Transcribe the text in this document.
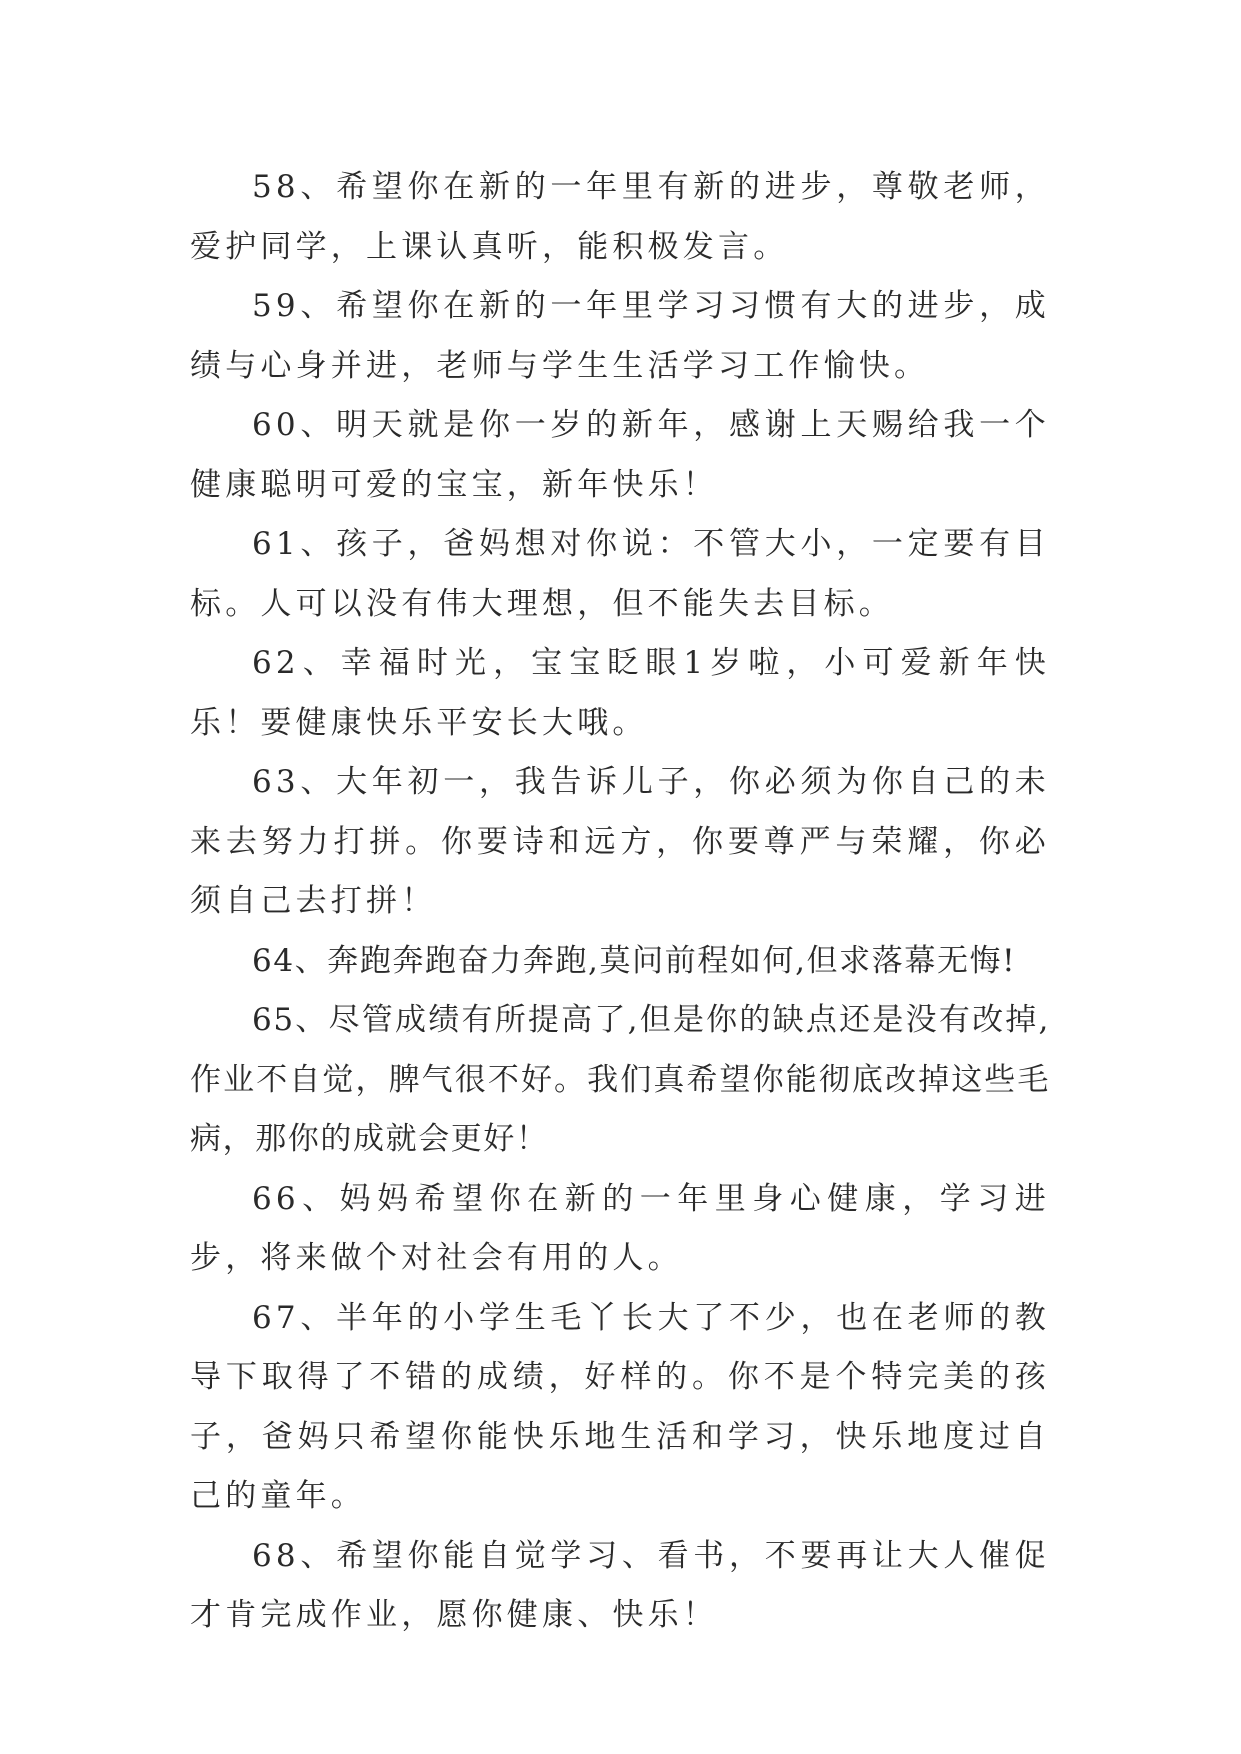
58、希望你在新的一年里有新的进步，尊敬老师，爱护同学，上课认真听，能积极发言。

59、希望你在新的一年里学习习惯有大的进步，成绩与心身并进，老师与学生生活学习工作愉快。

60、明天就是你一岁的新年，感谢上天赐给我一个健康聪明可爱的宝宝，新年快乐！

61、孩子，爸妈想对你说：不管大小，一定要有目标。人可以没有伟大理想，但不能失去目标。

62、幸福时光，宝宝眨眼1岁啦，小可爱新年快乐！要健康快乐平安长大哦。

63、大年初一，我告诉儿子，你必须为你自己的未来去努力打拼。你要诗和远方，你要尊严与荣耀，你必须自己去打拼！

64、奔跑奔跑奋力奔跑,莫问前程如何,但求落幕无悔!

65、尽管成绩有所提高了,但是你的缺点还是没有改掉,作业不自觉，脾气很不好。我们真希望你能彻底改掉这些毛病，那你的成就会更好！

66、妈妈希望你在新的一年里身心健康，学习进步，将来做个对社会有用的人。

67、半年的小学生毛丫长大了不少，也在老师的教导下取得了不错的成绩，好样的。你不是个特完美的孩子，爸妈只希望你能快乐地生活和学习，快乐地度过自己的童年。

68、希望你能自觉学习、看书，不要再让大人催促才肯完成作业，愿你健康、快乐！
